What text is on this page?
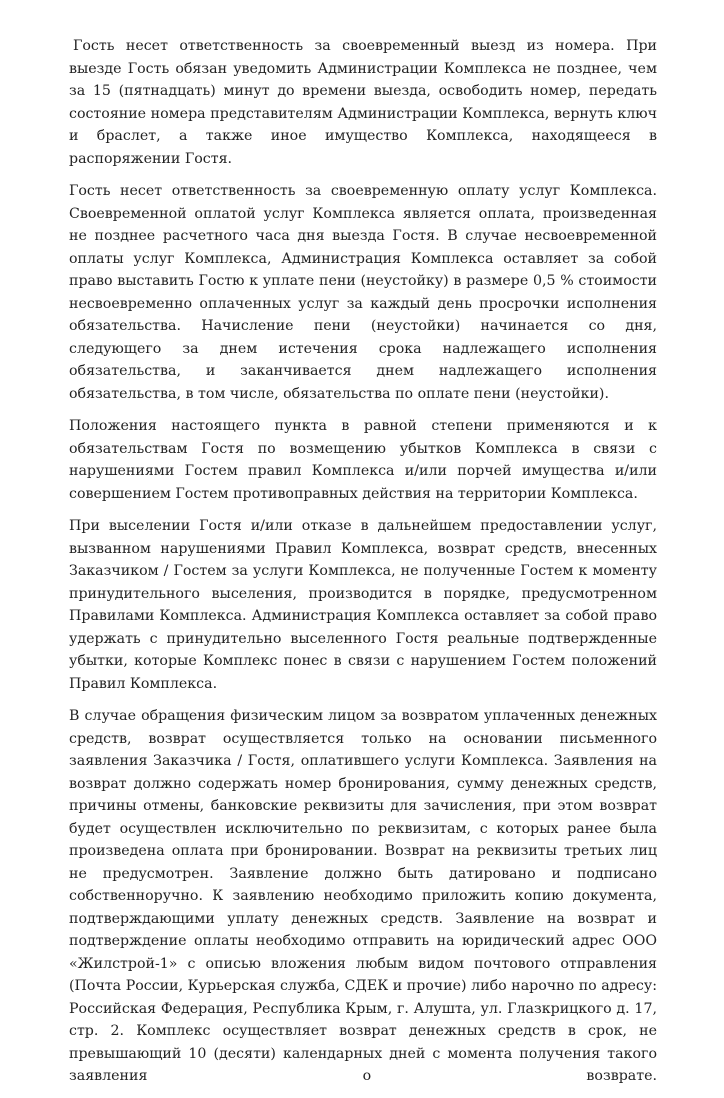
Гость несет ответственность за своевременный выезд из номера. При выезде Гость обязан уведомить Администрации Комплекса не позднее, чем за 15 (пятнадцать) минут до времени выезда, освободить номер, передать состояние номера представителям Администрации Комплекса, вернуть ключ и браслет, а также иное имущество Комплекса, находящееся в распоряжении Гостя.

Гость несет ответственность за своевременную оплату услуг Комплекса. Своевременной оплатой услуг Комплекса является оплата, произведенная не позднее расчетного часа дня выезда Гостя. В случае несвоевременной оплаты услуг Комплекса, Администрация Комплекса оставляет за собой право выставить Гостю к уплате пени (неустойку) в размере 0,5 % стоимости несвоевременно оплаченных услуг за каждый день просрочки исполнения обязательства. Начисление пени (неустойки) начинается со дня, следующего за днем истечения срока надлежащего исполнения обязательства, и заканчивается днем надлежащего исполнения обязательства, в том числе, обязательства по оплате пени (неустойки).

Положения настоящего пункта в равной степени применяются и к обязательствам Гостя по возмещению убытков Комплекса в связи с нарушениями Гостем правил Комплекса и/или порчей имущества и/или совершением Гостем противоправных действия на территории Комплекса.

При выселении Гостя и/или отказе в дальнейшем предоставлении услуг, вызванном нарушениями Правил Комплекса, возврат средств, внесенных Заказчиком / Гостем за услуги Комплекса, не полученные Гостем к моменту принудительного выселения, производится в порядке, предусмотренном Правилами Комплекса. Администрация Комплекса оставляет за собой право удержать с принудительно выселенного Гостя реальные подтвержденные убытки, которые Комплекс понес в связи с нарушением Гостем положений Правил Комплекса.

В случае обращения физическим лицом за возвратом уплаченных денежных средств, возврат осуществляется только на основании письменного заявления Заказчика / Гостя, оплатившего услуги Комплекса. Заявления на возврат должно содержать номер бронирования, сумму денежных средств, причины отмены, банковские реквизиты для зачисления, при этом возврат будет осуществлен исключительно по реквизитам, с которых ранее была произведена оплата при бронировании. Возврат на реквизиты третьих лиц не предусмотрен. Заявление должно быть датировано и подписано собственноручно. К заявлению необходимо приложить копию документа, подтверждающими уплату денежных средств. Заявление на возврат и подтверждение оплаты необходимо отправить на юридический адрес ООО «Жилстрой-1» с описью вложения любым видом почтового отправления (Почта России, Курьерская служба, СДЕК и прочие) либо нарочно по адресу: Российская Федерация, Республика Крым, г. Алушта, ул. Глазкрицкого д. 17, стр. 2. Комплекс осуществляет возврат денежных средств в срок, не превышающий 10 (десяти) календарных дней с момента получения такого заявления о возврате.
